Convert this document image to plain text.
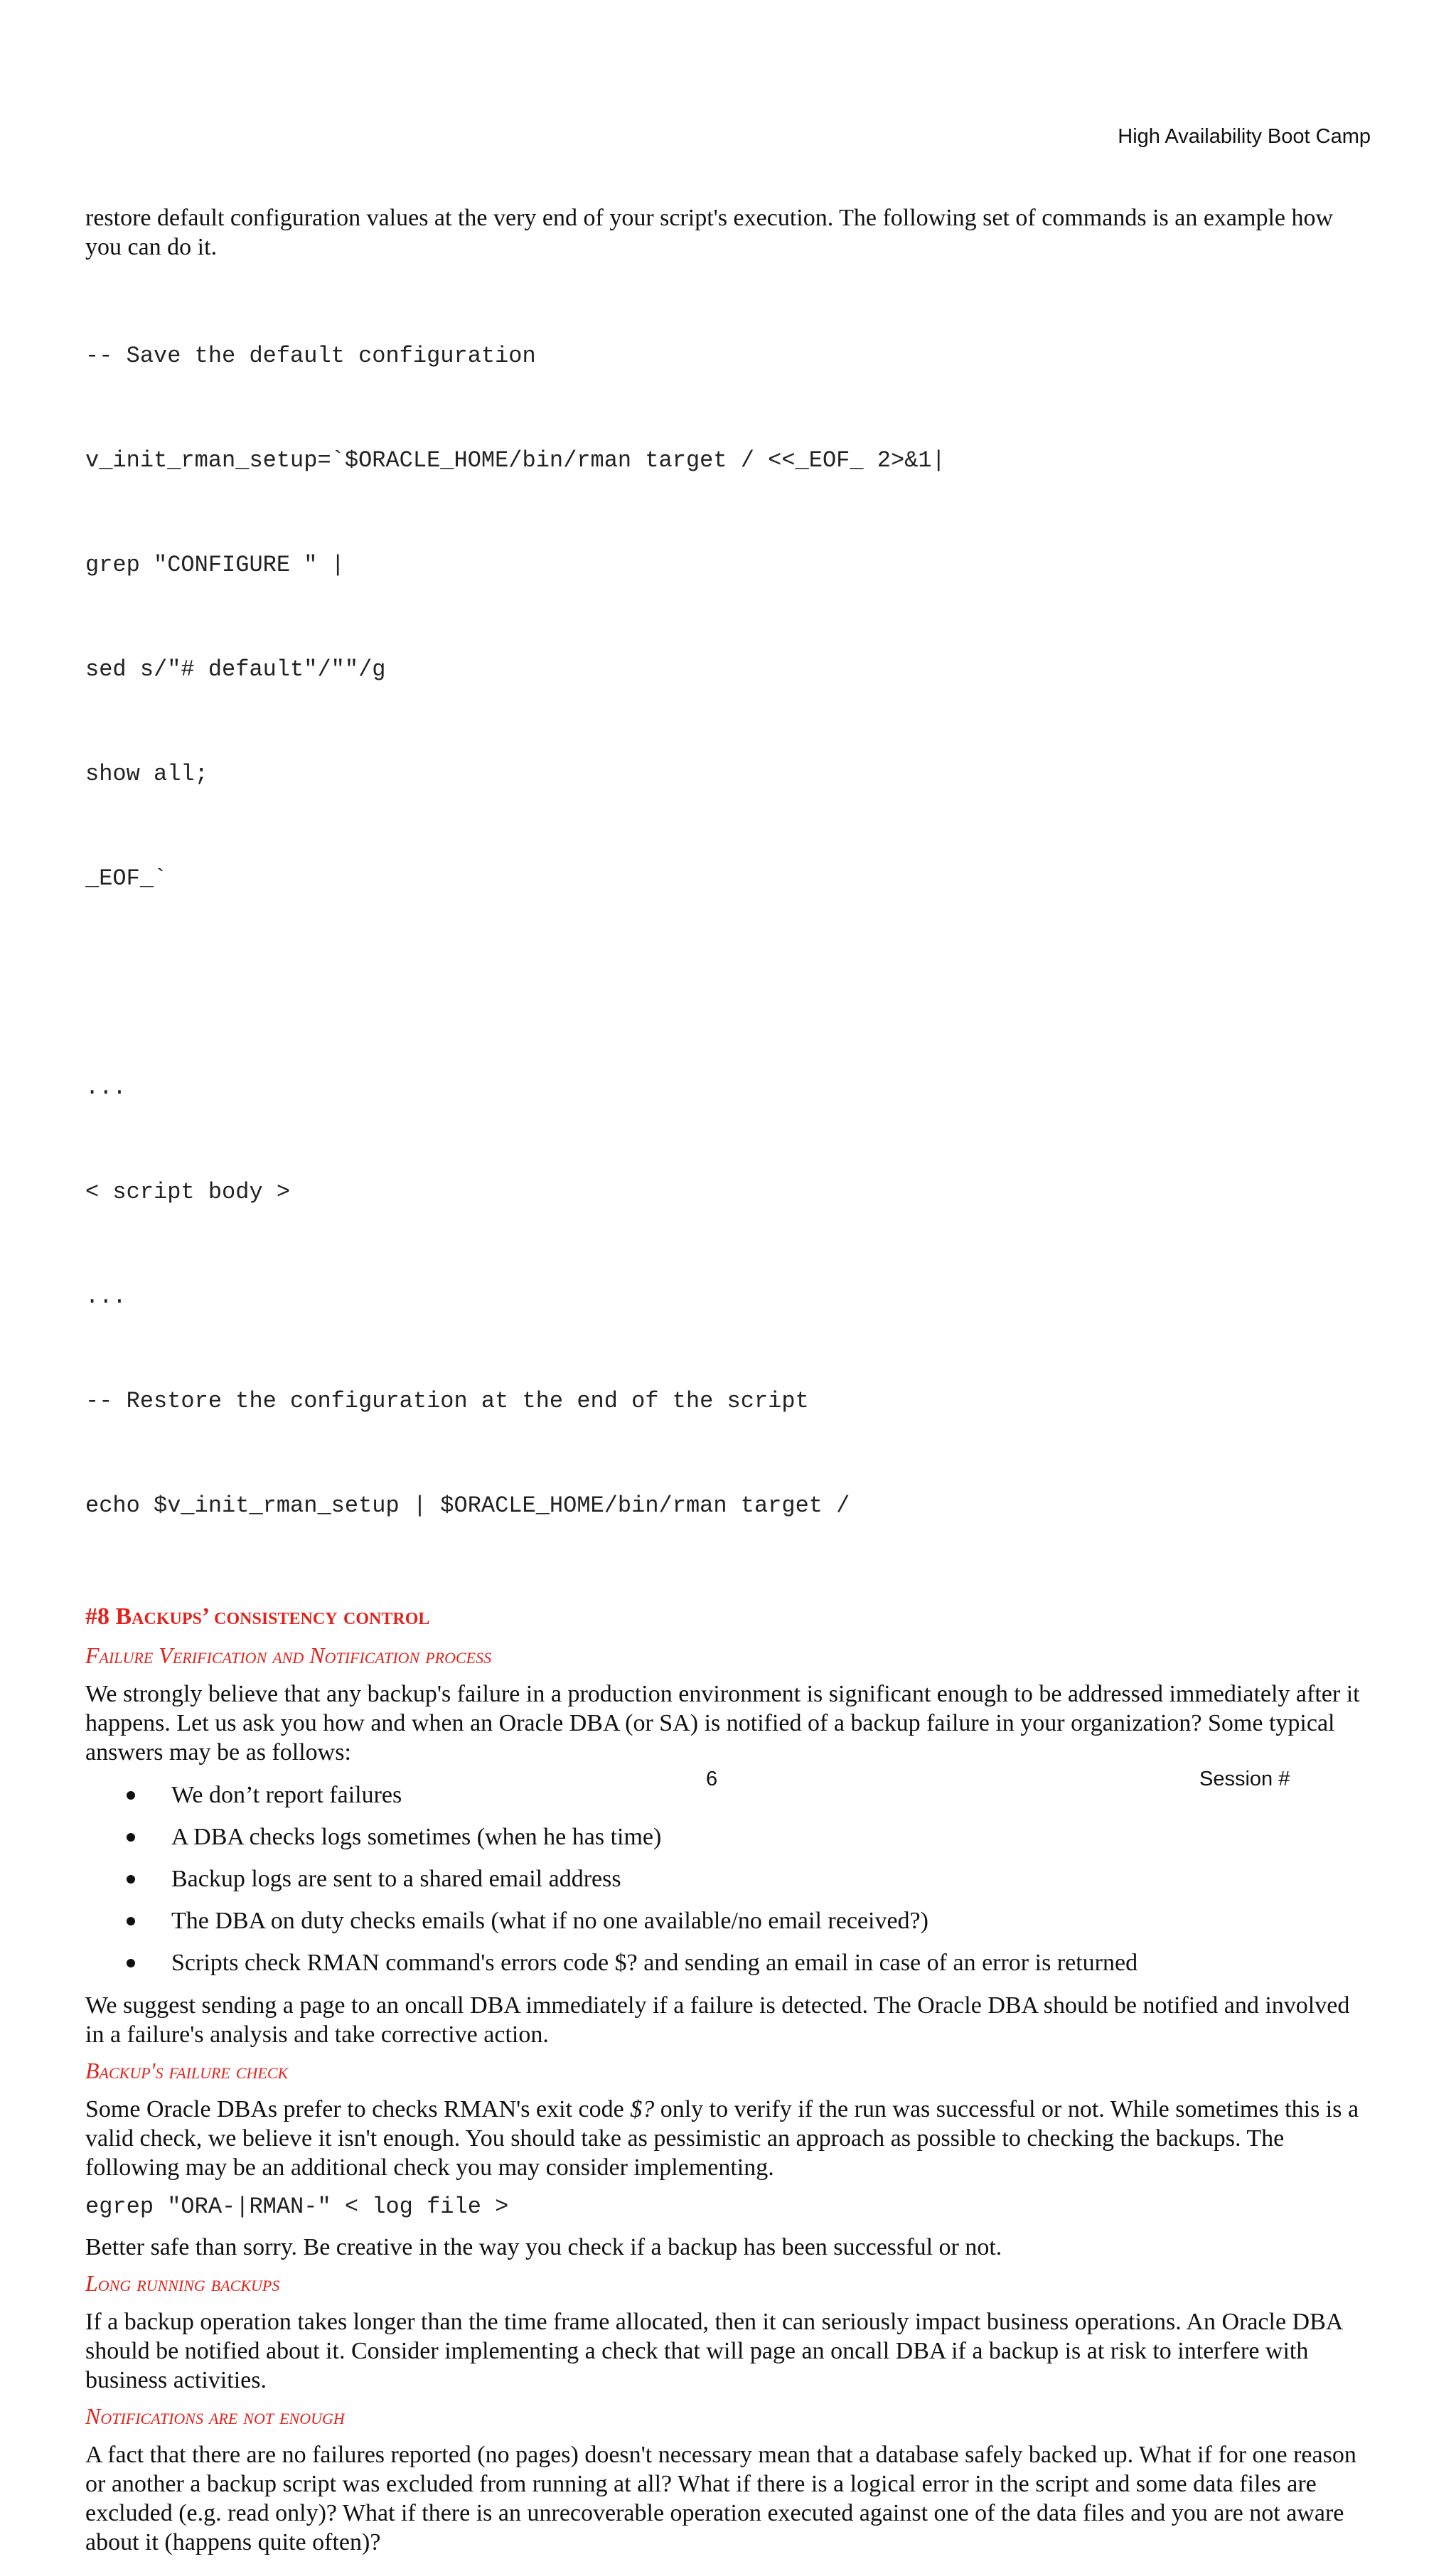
High Availability Boot Camp

restore default configuration values at the very end of your script's execution. The following set of commands is an example how you can do it.

-- Save the default configuration

v_init_rman_setup=`$ORACLE_HOME/bin/rman target / <<_EOF_ 2>&1|

grep "CONFIGURE " |

sed s/"# default"/""/g

show all;

_EOF_`

...

< script body >

...

-- Restore the configuration at the end of the script

echo $v_init_rman_setup | $ORACLE_HOME/bin/rman target /

#8 Backups’ consistency control
Failure Verification and Notification process

We strongly believe that any backup's failure in a production environment is significant enough to be addressed immediately after it happens. Let us ask you how and when an Oracle DBA (or SA) is notified of a backup failure in your organization? Some typical answers may be as follows:

We don’t report failures
A DBA checks logs sometimes (when he has time)
Backup logs are sent to a shared email address
The DBA on duty checks emails (what if no one available/no email received?)
Scripts check RMAN command's errors code $? and sending an email in case of an error is returned

We suggest sending a page to an oncall DBA immediately if a failure is detected. The Oracle DBA should be notified and involved in a failure's analysis and take corrective action.

Backup's failure check

Some Oracle DBAs prefer to checks RMAN's exit code $? only to verify if the run was successful or not. While sometimes this is a valid check, we believe it isn't enough. You should take as pessimistic an approach as possible to checking the backups. The following may be an additional check you may consider implementing.

egrep "ORA-|RMAN-" < log file >

Better safe than sorry. Be creative in the way you check if a backup has been successful or not.

Long running backups

If a backup operation takes longer than the time frame allocated, then it can seriously impact business operations. An Oracle DBA should be notified about it. Consider implementing a check that will page an oncall DBA if a backup is at risk to interfere with business activities.

Notifications are not enough

A fact that there are no failures reported (no pages) doesn't necessary mean that a database safely backed up. What if for one reason or another a backup script was excluded from running at all? What if there is a logical error in the script and some data files are excluded (e.g. read only)? What if there is an unrecoverable operation executed against one of the data files and you are not aware about it (happens quite often)?

6	Session #
